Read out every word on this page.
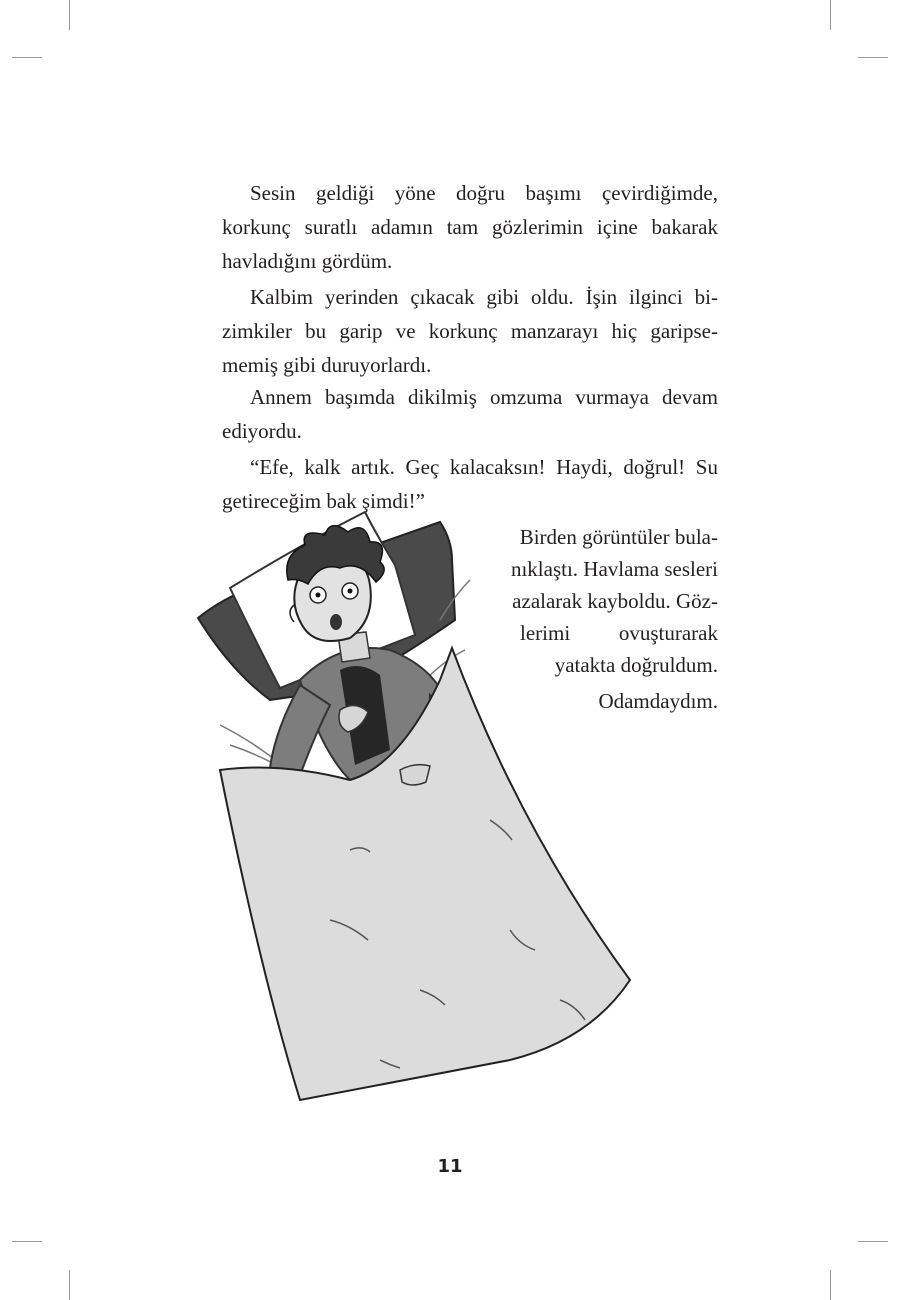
Sesin geldiği yöne doğru başımı çevirdiğimde,
korkunç suratlı adamın tam gözlerimin içine bakarak
havladığını gördüm.
Kalbim yerinden çıkacak gibi oldu. İşin ilginci bi-
zimkiler bu garip ve korkunç manzarayı hiç garipse-
memiş gibi duruyorlardı.
Annem başımda dikilmiş omzuma vurmaya devam
ediyordu.
“Efe, kalk artık. Geç kalacaksın! Haydi, doğrul! Su
getireceğim bak şimdi!”
Birden görüntüler bula-
nıklaştı. Havlama sesleri
azalarak kayboldu. Göz-
lerimi ovuşturarak
yatakta doğruldum.
Odamdaydım.
11
